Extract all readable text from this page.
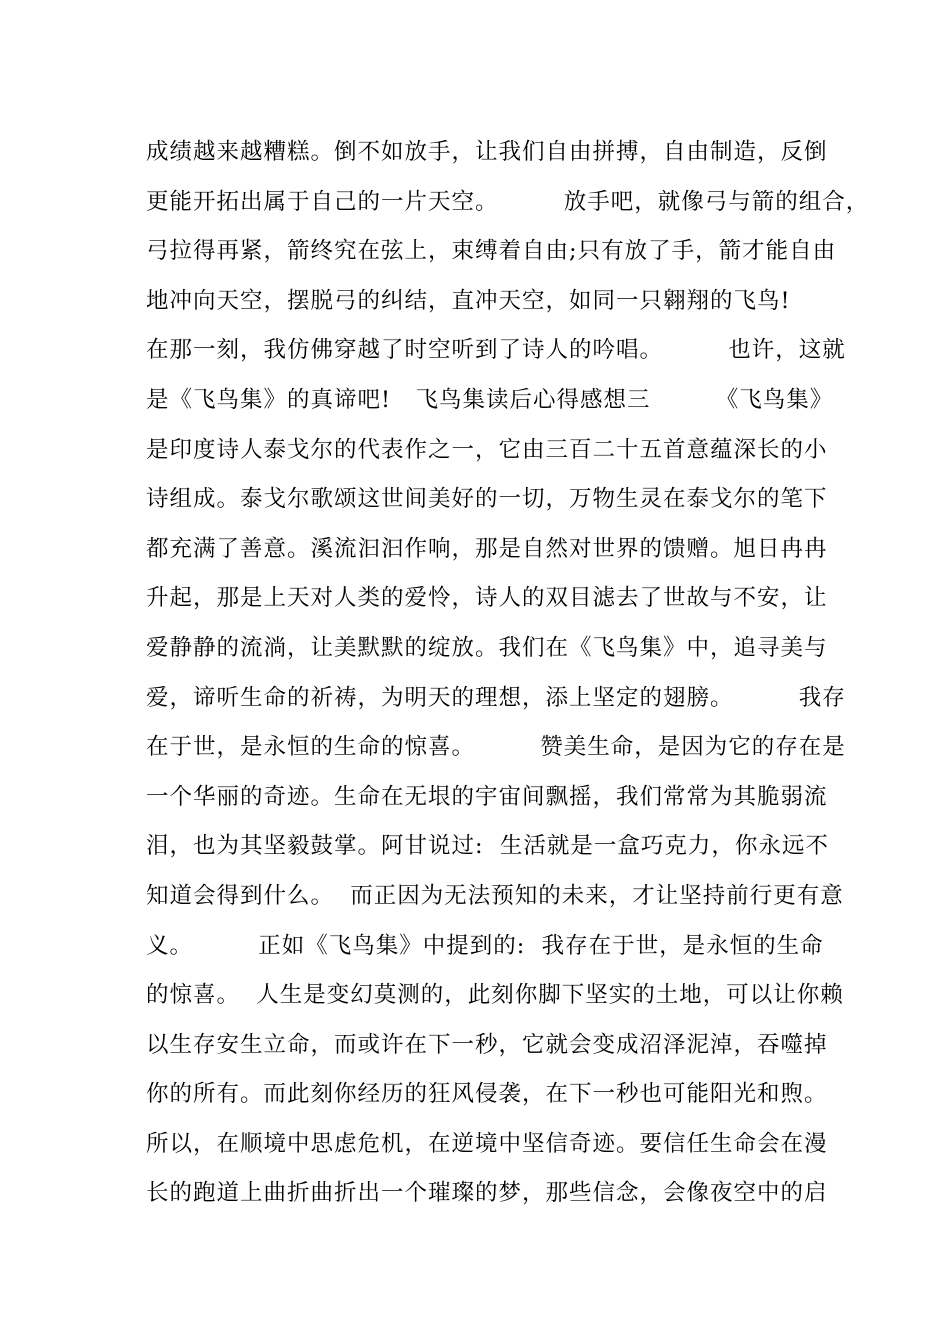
成绩越来越糟糕。倒不如放手，让我们自由拼搏，自由制造，反倒
更能开拓出属于自己的一片天空。        放手吧，就像弓与箭的组合，
弓拉得再紧，箭终究在弦上，束缚着自由;只有放了手，箭才能自由
地冲向天空，摆脱弓的纠结，直冲天空，如同一只翱翔的飞鸟!
在那一刻，我仿佛穿越了时空听到了诗人的吟唱。        也许，这就
是《飞鸟集》的真谛吧!   飞鸟集读后心得感想三        《飞鸟集》
是印度诗人泰戈尔的代表作之一，它由三百二十五首意蕴深长的小
诗组成。泰戈尔歌颂这世间美好的一切，万物生灵在泰戈尔的笔下
都充满了善意。溪流汩汩作响，那是自然对世界的馈赠。旭日冉冉
升起，那是上天对人类的爱怜，诗人的双目滤去了世故与不安，让
爱静静的流淌，让美默默的绽放。我们在《飞鸟集》中，追寻美与
爱，谛听生命的祈祷，为明天的理想，添上坚定的翅膀。        我存
在于世，是永恒的生命的惊喜。        赞美生命，是因为它的存在是
一个华丽的奇迹。生命在无垠的宇宙间飘摇，我们常常为其脆弱流
泪，也为其坚毅鼓掌。阿甘说过:  生活就是一盒巧克力，你永远不
知道会得到什么。  而正因为无法预知的未来，才让坚持前行更有意
义。        正如《飞鸟集》中提到的:  我存在于世，是永恒的生命
的惊喜。  人生是变幻莫测的，此刻你脚下坚实的土地，可以让你赖
以生存安生立命，而或许在下一秒，它就会变成沼泽泥淖，吞噬掉
你的所有。而此刻你经历的狂风侵袭，在下一秒也可能阳光和煦。
所以，在顺境中思虑危机，在逆境中坚信奇迹。要信任生命会在漫
长的跑道上曲折曲折出一个璀璨的梦，那些信念，会像夜空中的启
